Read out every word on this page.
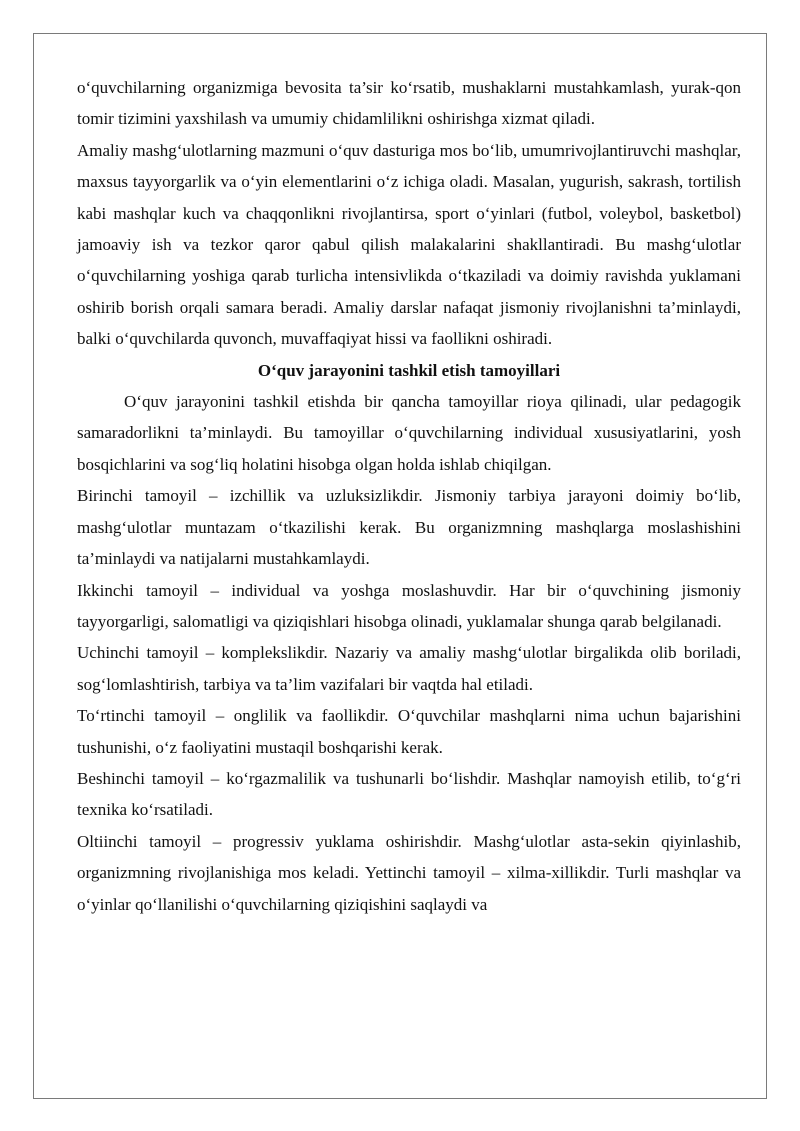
o‘quvchilarning organizmiga bevosita ta’sir ko‘rsatib, mushaklarni mustahkamlash, yurak-qon tomir tizimini yaxshilash va umumiy chidamlilikni oshirishga xizmat qiladi.

Amaliy mashg‘ulotlarning mazmuni o‘quv dasturiga mos bo‘lib, umumrivojlantiruvchi mashqlar, maxsus tayyorgarlik va o‘yin elementlarini o‘z ichiga oladi. Masalan, yugurish, sakrash, tortilish kabi mashqlar kuch va chaqqonlikni rivojlantirsa, sport o‘yinlari (futbol, voleybol, basketbol) jamoaviy ish va tezkor qaror qabul qilish malakalarini shakllantiradi. Bu mashg‘ulotlar o‘quvchilarning yoshiga qarab turlicha intensivlikda o‘tkaziladi va doimiy ravishda yuklamani oshirib borish orqali samara beradi. Amaliy darslar nafaqat jismoniy rivojlanishni ta’minlaydi, balki o‘quvchilarda quvonch, muvaffaqiyat hissi va faollikni oshiradi.

O‘quv jarayonini tashkil etish tamoyillari

O‘quv jarayonini tashkil etishda bir qancha tamoyillar rioya qilinadi, ular pedagogik samaradorlikni ta’minlaydi. Bu tamoyillar o‘quvchilarning individual xususiyatlarini, yosh bosqichlarini va sog‘liq holatini hisobga olgan holda ishlab chiqilgan.

Birinchi tamoyil – izchillik va uzluksizlikdir. Jismoniy tarbiya jarayoni doimiy bo‘lib, mashg‘ulotlar muntazam o‘tkazilishi kerak. Bu organizmning mashqlarga moslashishini ta’minlaydi va natijalarni mustahkamlaydi.

Ikkinchi tamoyil – individual va yoshga moslashuvdir. Har bir o‘quvchining jismoniy tayyorgarligi, salomatligi va qiziqishlari hisobga olinadi, yuklamalar shunga qarab belgilanadi.

Uchinchi tamoyil – komplekslikdir. Nazariy va amaliy mashg‘ulotlar birgalikda olib boriladi, sog‘lomlashtirish, tarbiya va ta’lim vazifalari bir vaqtda hal etiladi.

To‘rtinchi tamoyil – onglilik va faollikdir. O‘quvchilar mashqlarni nima uchun bajarishini tushunishi, o‘z faoliyatini mustaqil boshqarishi kerak.

Beshinchi tamoyil – ko‘rgazmalilik va tushunarli bo‘lishdir. Mashqlar namoyish etilib, to‘g‘ri texnika ko‘rsatiladi.

Oltiinchi tamoyil – progressiv yuklama oshirishdir. Mashg‘ulotlar asta-sekin qiyinlashib, organizmning rivojlanishiga mos keladi. Yettinchi tamoyil – xilma-xillikdir. Turli mashqlar va o‘yinlar qo‘llanilishi o‘quvchilarning qiziqishini saqlaydi va
